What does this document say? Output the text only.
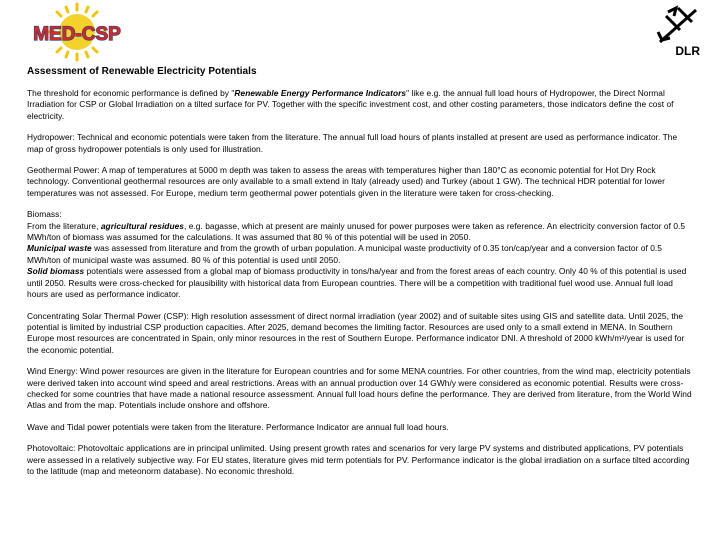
MED-CSP
DLR
Assessment of Renewable Electricity Potentials

The threshold for economic performance is defined by "Renewable Energy Performance Indicators" like e.g. the annual full load hours of Hydropower, the Direct Normal Irradiation for CSP or Global Irradiation on a tilted surface for PV. Together with the specific investment cost, and other costing parameters, those indicators define the cost of electricity.

Hydropower: Technical and economic potentials were taken from the literature. The annual full load hours of plants installed at present are used as performance indicator. The map of gross hydropower potentials is only used for illustration.

Geothermal Power: A map of temperatures at 5000 m depth was taken to assess the areas with temperatures higher than 180°C as economic potential for Hot Dry Rock technology. Conventional geothermal resources are only available to a small extend in Italy (already used) and Turkey (about 1 GW). The technical HDR potential for lower temperatures was not assessed. For Europe, medium term geothermal power potentials given in the literature were taken for cross-checking.

Biomass:
From the literature, agricultural residues, e.g. bagasse, which at present are mainly unused for power purposes were taken as reference. An electricity conversion factor of 0.5 MWh/ton of biomass was assumed for the calculations. It was assumed that 80 % of this potential will be used in 2050.
Municipal waste was assessed from literature and from the growth of urban population. A municipal waste productivity of 0.35 ton/cap/year and a conversion factor of 0.5 MWh/ton of municipal waste was assumed. 80 % of this potential is used until 2050.
Solid biomass potentials were assessed from a global map of biomass productivity in tons/ha/year and from the forest areas of each country. Only 40 % of this potential is used until 2050. Results were cross-checked for plausibility with historical data from European countries. There will be a competition with traditional fuel wood use. Annual full load hours are used as performance indicator.

Concentrating Solar Thermal Power (CSP): High resolution assessment of direct normal irradiation (year 2002) and of suitable sites using GIS and satellite data. Until 2025, the potential is limited by industrial CSP production capacities. After 2025, demand becomes the limiting factor. Resources are used only to a small extend in MENA. In Southern Europe most resources are concentrated in Spain, only minor resources in the rest of Southern Europe. Performance indicator DNI. A threshold of 2000 kWh/m²/year is used for the economic potential.

Wind Energy: Wind power resources are given in the literature for European countries and for some MENA countries. For other countries, from the wind map, electricity potentials were derived taken into account wind speed and areal restrictions. Areas with an annual production over 14 GWh/y were considered as economic potential. Results were cross-checked for some countries that have made a national resource assessment. Annual full load hours define the performance. They are derived from literature, from the World Wind Atlas and from the map. Potentials include onshore and offshore.

Wave and Tidal power potentials were taken from the literature. Performance Indicator are annual full load hours.

Photovoltaic: Photovoltaic applications are in principal unlimited. Using present growth rates and scenarios for very large PV systems and distributed applications, PV potentials were assessed in a relatively subjective way. For EU states, literature gives mid term potentials for PV. Performance indicator is the global irradiation on a surface tilted according to the latitude (map and meteonorm database). No economic threshold.
